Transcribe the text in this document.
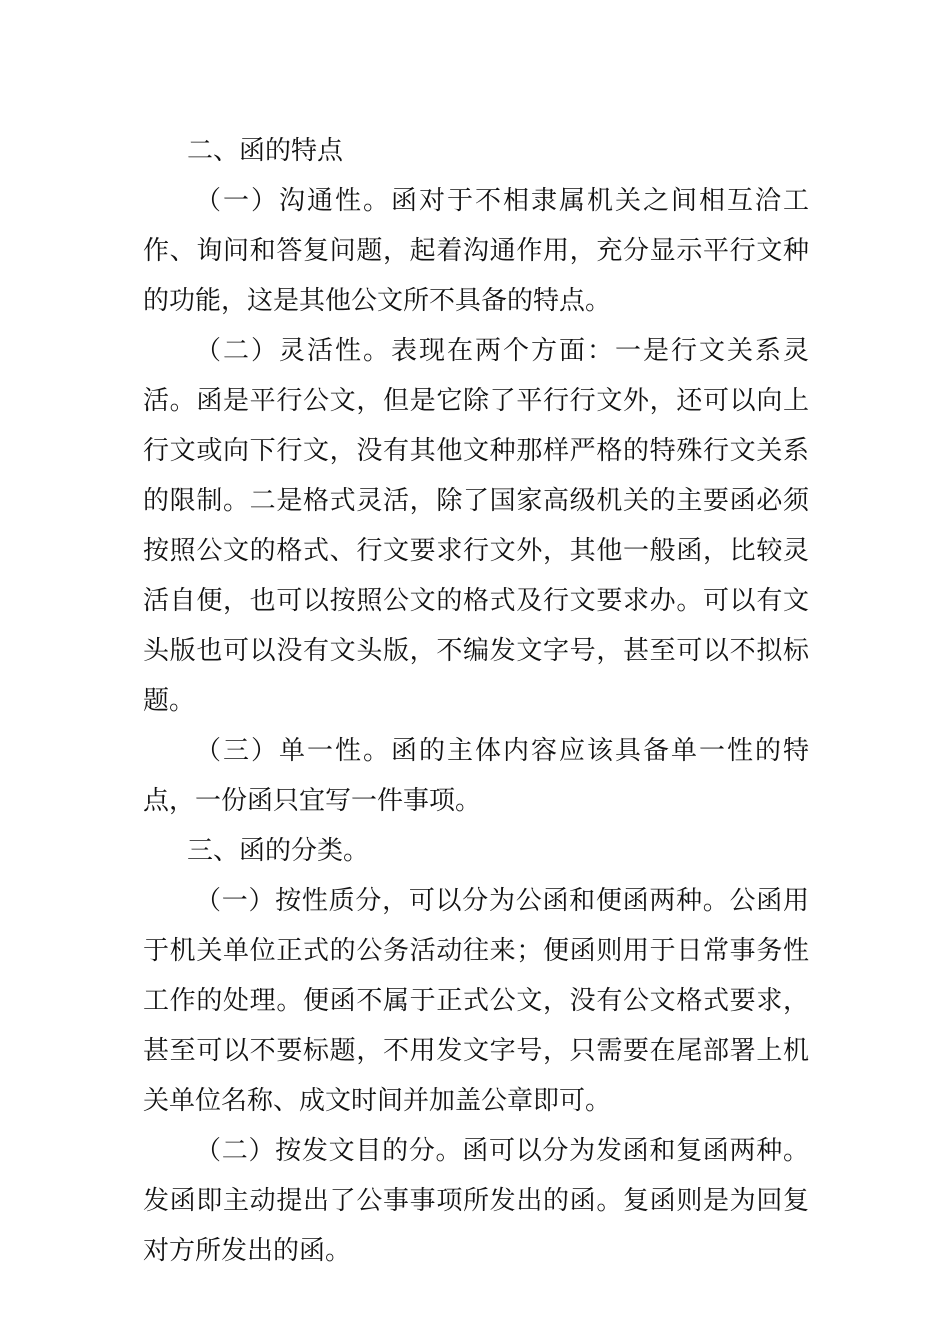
二、函的特点

（一）沟通性。函对于不相隶属机关之间相互洽工作、询问和答复问题，起着沟通作用，充分显示平行文种的功能，这是其他公文所不具备的特点。

（二）灵活性。表现在两个方面：一是行文关系灵活。函是平行公文，但是它除了平行行文外，还可以向上行文或向下行文，没有其他文种那样严格的特殊行文关系的限制。二是格式灵活，除了国家高级机关的主要函必须按照公文的格式、行文要求行文外，其他一般函，比较灵活自便，也可以按照公文的格式及行文要求办。可以有文头版也可以没有文头版，不编发文字号，甚至可以不拟标题。

（三）单一性。函的主体内容应该具备单一性的特点，一份函只宜写一件事项。

三、函的分类。

（一）按性质分，可以分为公函和便函两种。公函用于机关单位正式的公务活动往来；便函则用于日常事务性工作的处理。便函不属于正式公文，没有公文格式要求，甚至可以不要标题，不用发文字号，只需要在尾部署上机关单位名称、成文时间并加盖公章即可。

（二）按发文目的分。函可以分为发函和复函两种。发函即主动提出了公事事项所发出的函。复函则是为回复对方所发出的函。
